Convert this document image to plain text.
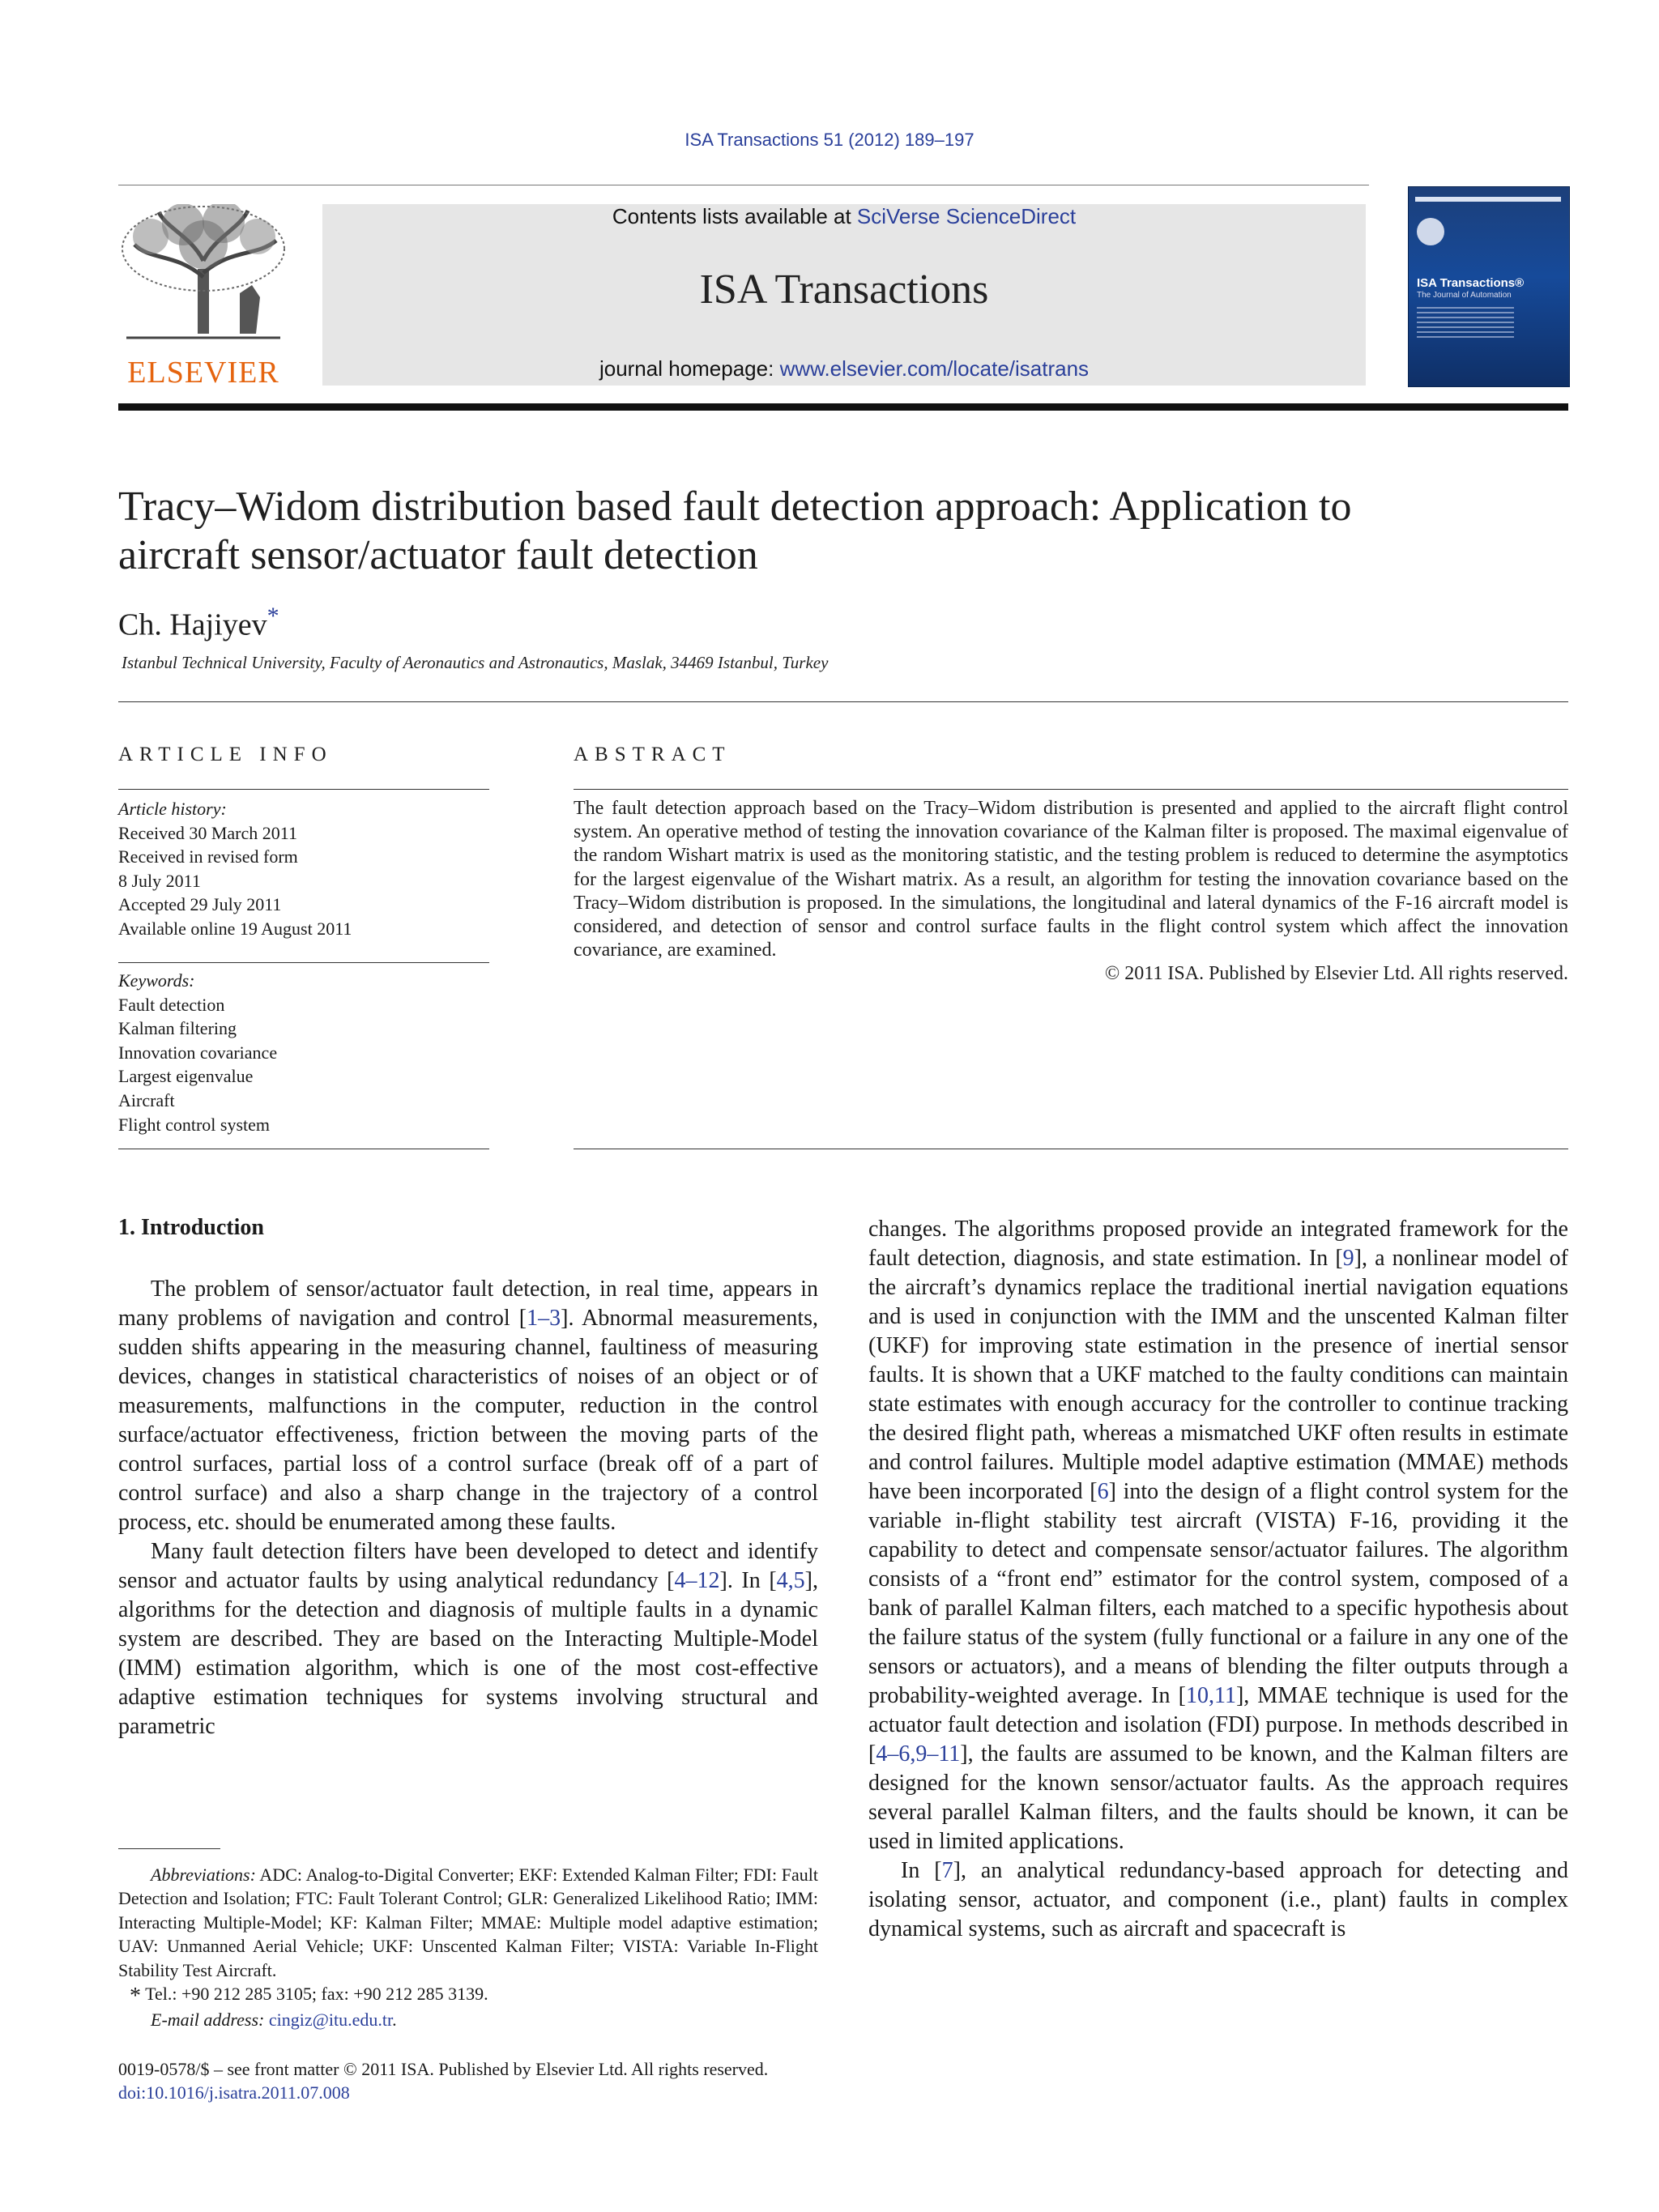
ISA Transactions 51 (2012) 189–197
ELSEVIER
Contents lists available at SciVerse ScienceDirect
ISA Transactions
journal homepage: www.elsevier.com/locate/isatrans
ISA Transactions®
The Journal of Automation
Tracy–Widom distribution based fault detection approach: Application to
aircraft sensor/actuator fault detection
Ch. Hajiyev*
Istanbul Technical University, Faculty of Aeronautics and Astronautics, Maslak, 34469 Istanbul, Turkey
ARTICLE INFO
Article history:
Received 30 March 2011
Received in revised form
8 July 2011
Accepted 29 July 2011
Available online 19 August 2011
Keywords:
Fault detection
Kalman filtering
Innovation covariance
Largest eigenvalue
Aircraft
Flight control system
ABSTRACT
The fault detection approach based on the Tracy–Widom distribution is presented and applied to the aircraft flight control system. An operative method of testing the innovation covariance of the Kalman filter is proposed. The maximal eigenvalue of the random Wishart matrix is used as the monitoring statistic, and the testing problem is reduced to determine the asymptotics for the largest eigenvalue of the Wishart matrix. As a result, an algorithm for testing the innovation covariance based on the Tracy–Widom distribution is proposed. In the simulations, the longitudinal and lateral dynamics of the F-16 aircraft model is considered, and detection of sensor and control surface faults in the flight control system which affect the innovation covariance, are examined.
© 2011 ISA. Published by Elsevier Ltd. All rights reserved.
1. Introduction

The problem of sensor/actuator fault detection, in real time, appears in many problems of navigation and control [1–3]. Abnormal measurements, sudden shifts appearing in the measuring channel, faultiness of measuring devices, changes in statistical characteristics of noises of an object or of measurements, malfunctions in the computer, reduction in the control surface/actuator effectiveness, friction between the moving parts of the control surfaces, partial loss of a control surface (break off of a part of control surface) and also a sharp change in the trajectory of a control process, etc. should be enumerated among these faults.

Many fault detection filters have been developed to detect and identify sensor and actuator faults by using analytical redundancy [4–12]. In [4,5], algorithms for the detection and diagnosis of multiple faults in a dynamic system are described. They are based on the Interacting Multiple-Model (IMM) estimation algorithm, which is one of the most cost-effective adaptive estimation techniques for systems involving structural and parametric

changes. The algorithms proposed provide an integrated framework for the fault detection, diagnosis, and state estimation. In [9], a nonlinear model of the aircraft’s dynamics replace the traditional inertial navigation equations and is used in conjunction with the IMM and the unscented Kalman filter (UKF) for improving state estimation in the presence of inertial sensor faults. It is shown that a UKF matched to the faulty conditions can maintain state estimates with enough accuracy for the controller to continue tracking the desired flight path, whereas a mismatched UKF often results in estimate and control failures. Multiple model adaptive estimation (MMAE) methods have been incorporated [6] into the design of a flight control system for the variable in-flight stability test aircraft (VISTA) F-16, providing it the capability to detect and compensate sensor/actuator failures. The algorithm consists of a “front end” estimator for the control system, composed of a bank of parallel Kalman filters, each matched to a specific hypothesis about the failure status of the system (fully functional or a failure in any one of the sensors or actuators), and a means of blending the filter outputs through a probability-weighted average. In [10,11], MMAE technique is used for the actuator fault detection and isolation (FDI) purpose. In methods described in [4–6,9–11], the faults are assumed to be known, and the Kalman filters are designed for the known sensor/actuator faults. As the approach requires several parallel Kalman filters, and the faults should be known, it can be used in limited applications.

In [7], an analytical redundancy-based approach for detecting and isolating sensor, actuator, and component (i.e., plant) faults in complex dynamical systems, such as aircraft and spacecraft is

Abbreviations: ADC: Analog-to-Digital Converter; EKF: Extended Kalman Filter; FDI: Fault Detection and Isolation; FTC: Fault Tolerant Control; GLR: Generalized Likelihood Ratio; IMM: Interacting Multiple-Model; KF: Kalman Filter; MMAE: Multiple model adaptive estimation; UAV: Unmanned Aerial Vehicle; UKF: Unscented Kalman Filter; VISTA: Variable In-Flight Stability Test Aircraft.

* Tel.: +90 212 285 3105; fax: +90 212 285 3139.

E-mail address: cingiz@itu.edu.tr.

0019-0578/$ – see front matter © 2011 ISA. Published by Elsevier Ltd. All rights reserved.
doi:10.1016/j.isatra.2011.07.008
